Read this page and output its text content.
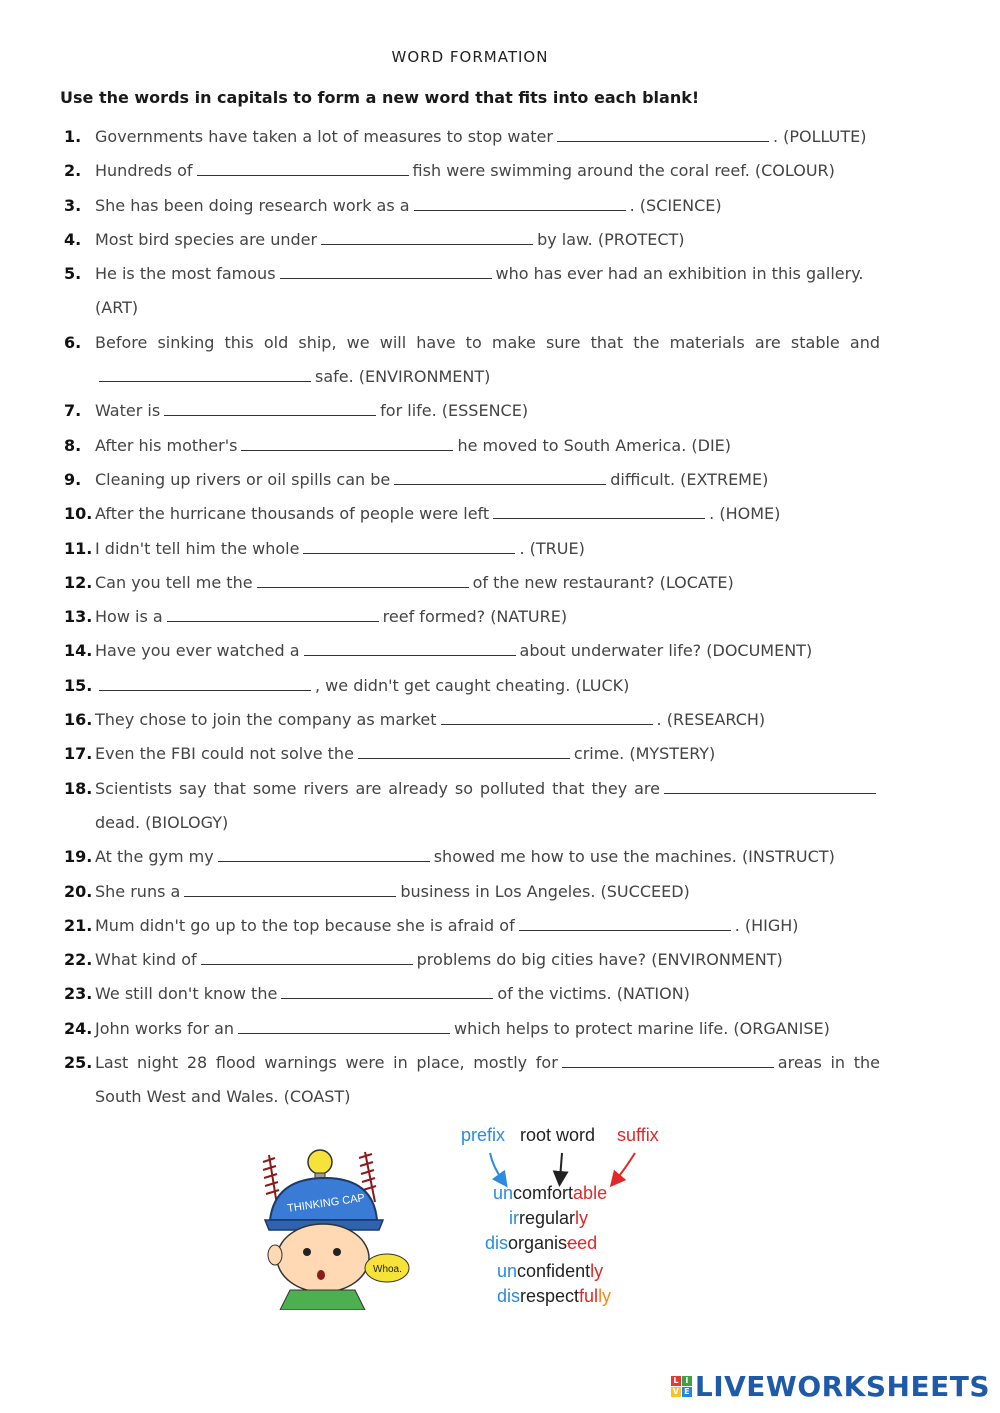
WORD FORMATION
Use the words in capitals to form a new word that fits into each blank!
1. Governments have taken a lot of measures to stop water	. (POLLUTE)
2. Hundreds of	fish were swimming around the coral reef. (COLOUR)
3. She has been doing research work as a	. (SCIENCE)
4. Most bird species are under	by law. (PROTECT)
5. He is the most famous	who has ever had an exhibition in this gallery. (ART)
6. Before sinking this old ship, we will have to make sure that the materials are stable andsafe. (ENVIRONMENT)
7. Water is	for life. (ESSENCE)
8. After his mother's	he moved to South America. (DIE)
9. Cleaning up rivers or oil spills can be	difficult. (EXTREME)
10. After the hurricane thousands of people were left	. (HOME)
11. I didn't tell him the whole	. (TRUE)
12. Can you tell me the	of the new restaurant? (LOCATE)
13. How is a	reef formed? (NATURE)
14. Have you ever watched a	about underwater life? (DOCUMENT)
15.	, we didn't get caught cheating. (LUCK)
16. They chose to join the company as market	. (RESEARCH)
17. Even the FBI could not solve the	crime. (MYSTERY)
18. Scientists say that some rivers are already so polluted that they aredead. (BIOLOGY)
19. At the gym my	showed me how to use the machines. (INSTRUCT)
20. She runs a	business in Los Angeles. (SUCCEED)
21. Mum didn't go up to the top because she is afraid of	. (HIGH)
22. What kind of	problems do big cities have? (ENVIRONMENT)
23. We still don't know the	of the victims. (NATION)
24. John works for an	which helps to protect marine life. (ORGANISE)
25. Last night 28 flood warnings were in place, mostly for	areas in the South West and Wales. (COAST)
THINKING CAP
Whoa.
prefix root word suffix
uncomfortable
irregularly
disorganiseed
unconfidently
disrespectfully
L I
V E LIVEWORKSHEETS
